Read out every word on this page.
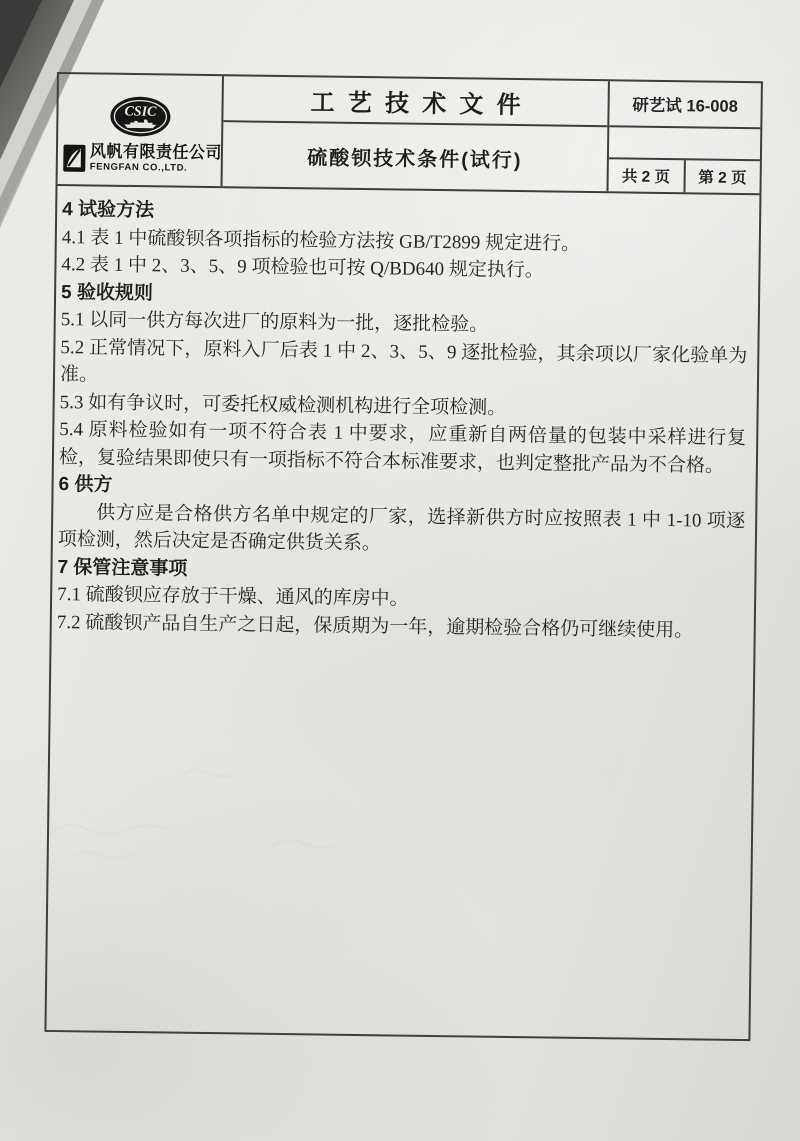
CSIC
风帆有限责任公司
FENGFAN CO.,LTD.
工艺技术文件
硫酸钡技术条件(试行)
研艺试 16-008
共 2 页	第 2 页
4 试验方法
4.1 表 1 中硫酸钡各项指标的检验方法按 GB/T2899 规定进行。
4.2 表 1 中 2、3、5、9 项检验也可按 Q/BD640 规定执行。
5 验收规则
5.1 以同一供方每次进厂的原料为一批，逐批检验。
5.2 正常情况下，原料入厂后表 1 中 2、3、5、9 逐批检验，其余项以厂家化验单为准。
5.3 如有争议时，可委托权威检测机构进行全项检测。
5.4 原料检验如有一项不符合表 1 中要求，应重新自两倍量的包装中采样进行复检，复验结果即使只有一项指标不符合本标准要求，也判定整批产品为不合格。
6 供方
供方应是合格供方名单中规定的厂家，选择新供方时应按照表 1 中 1-10 项逐项检测，然后决定是否确定供货关系。
7 保管注意事项
7.1 硫酸钡应存放于干燥、通风的库房中。
7.2 硫酸钡产品自生产之日起，保质期为一年，逾期检验合格仍可继续使用。
